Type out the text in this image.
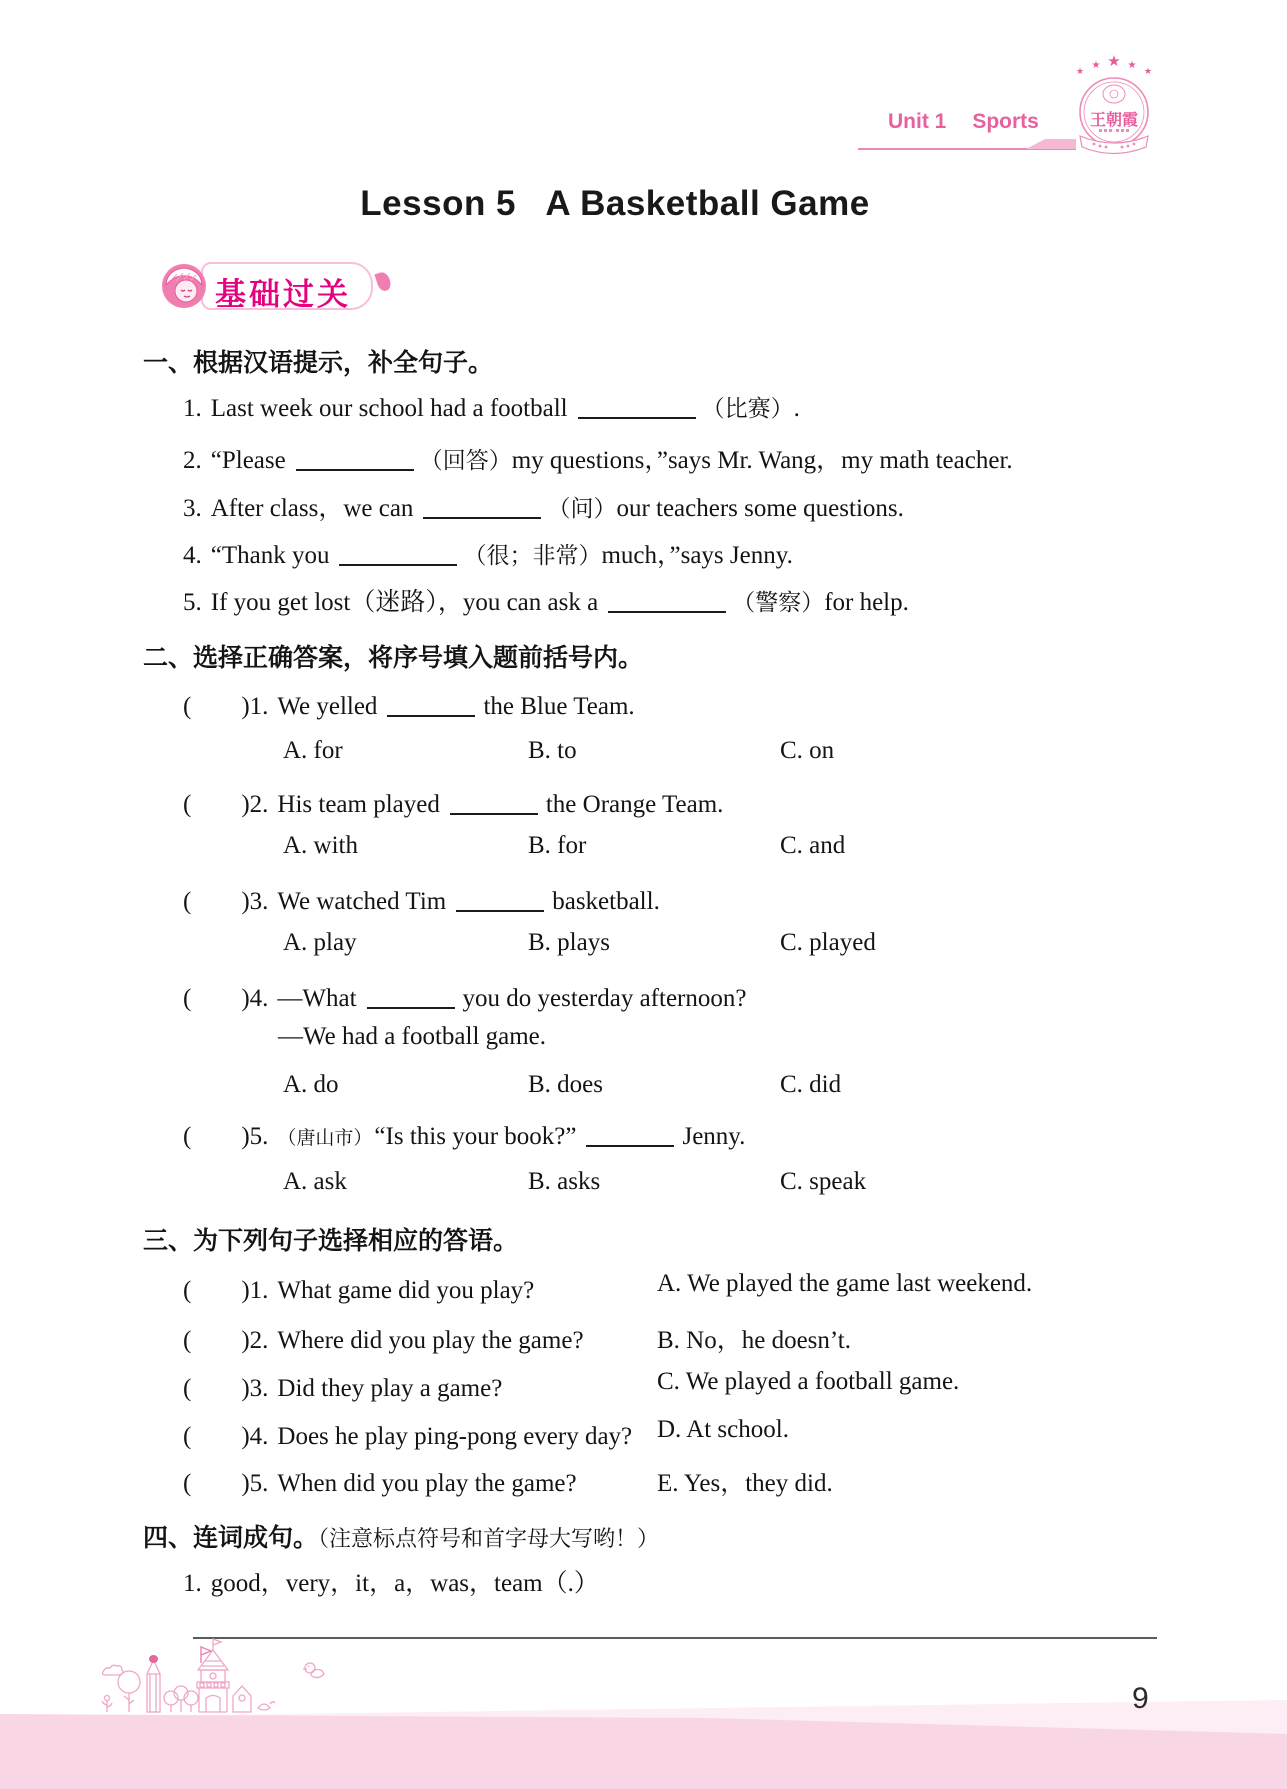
Unit 1 Sports
★
★	★
★	★
王朝霞
Lesson 5   A Basketball Game
基础过关
一、根据汉语提示，补全句子。
1. Last week our school had a football	（比赛）.
2. “Please	（回答）my questions，”says Mr. Wang，my math teacher.
3. After class，we can	（问）our teachers some questions.
4. “Thank you	（很；非常）much，”says Jenny.
5. If you get lost（迷路），you can ask a	（警察）for help.
二、选择正确答案，将序号填入题前括号内。
(　　)1. We yelled	the Blue Team.
A. for	B. to	C. on
(　　)2. His team played	the Orange Team.
A. with	B. for	C. and
(　　)3. We watched Tim	basketball.
A. play	B. plays	C. played
(　　)4. —What	you do yesterday afternoon?
—We had a football game.
A. do	B. does	C. did
(　　)5. （唐山市）“Is this your book?”	Jenny.
A. ask	B. asks	C. speak
三、为下列句子选择相应的答语。
(　　)1. What game did you play?	A. We played the game last weekend.
(　　)2. Where did you play the game?	B. No，he doesn’t.
(　　)3. Did they play a game?	C. We played a football game.
(　　)4. Does he play ping-pong every day? D. At school.
(　　)5. When did you play the game?	E. Yes，they did.
四、连词成句。（注意标点符号和首字母大写哟！）
1. good，very，it，a，was，team（.）
9
